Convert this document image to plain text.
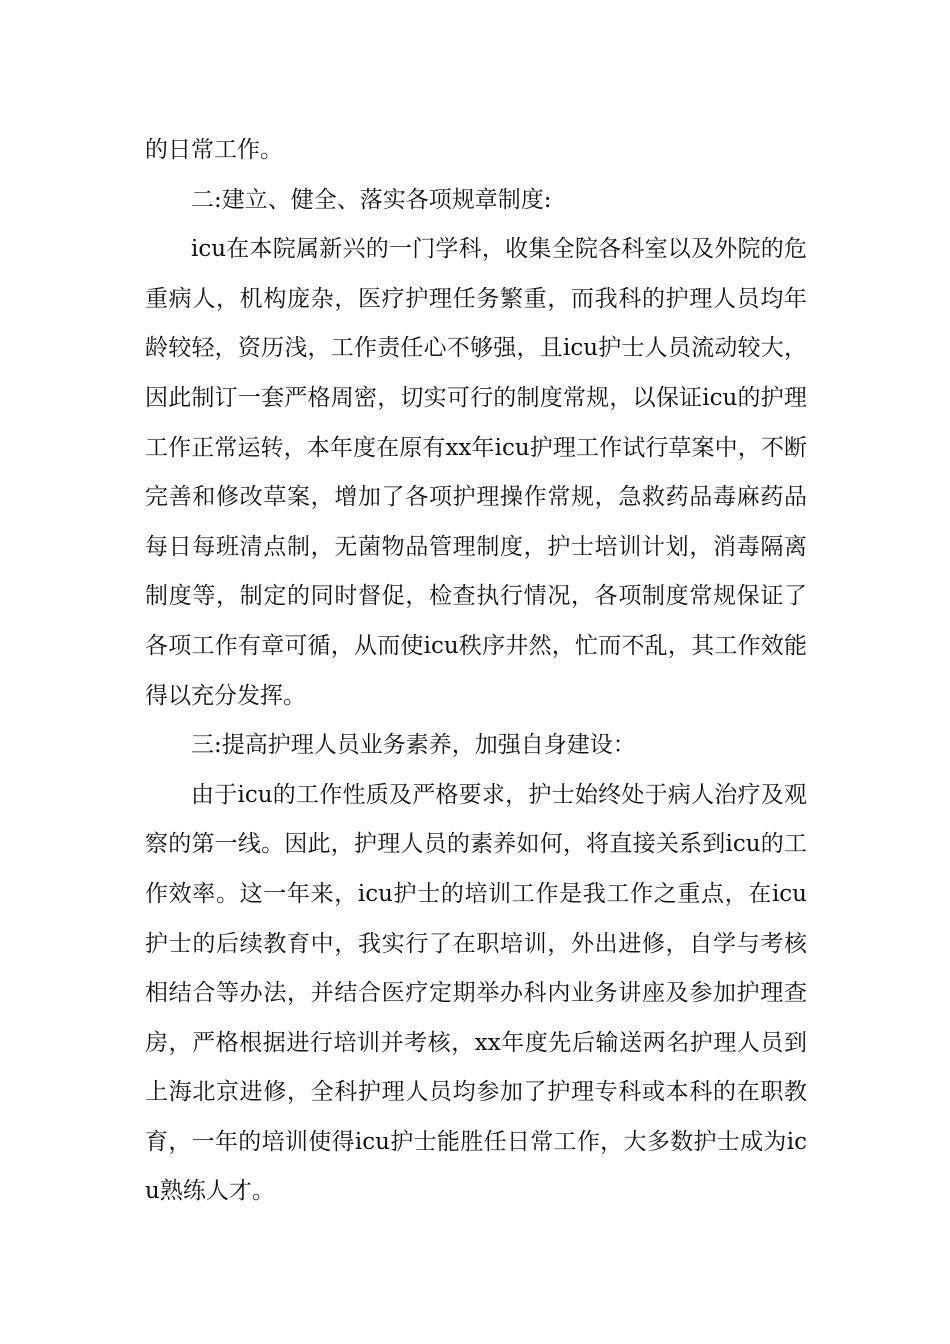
的日常工作。

二:建立、健全、落实各项规章制度:

icu在本院属新兴的一门学科，收集全院各科室以及外院的危重病人，机构庞杂，医疗护理任务繁重，而我科的护理人员均年龄较轻，资历浅，工作责任心不够强，且icu护士人员流动较大，因此制订一套严格周密，切实可行的制度常规，以保证icu的护理工作正常运转，本年度在原有xx年icu护理工作试行草案中，不断完善和修改草案，增加了各项护理操作常规，急救药品毒麻药品每日每班清点制，无菌物品管理制度，护士培训计划，消毒隔离制度等，制定的同时督促，检查执行情况，各项制度常规保证了各项工作有章可循，从而使icu秩序井然，忙而不乱，其工作效能得以充分发挥。

三:提高护理人员业务素养，加强自身建设：

由于icu的工作性质及严格要求，护士始终处于病人治疗及观察的第一线。因此，护理人员的素养如何，将直接关系到icu的工作效率。这一年来，icu护士的培训工作是我工作之重点，在icu护士的后续教育中，我实行了在职培训，外出进修，自学与考核相结合等办法，并结合医疗定期举办科内业务讲座及参加护理查房，严格根据进行培训并考核，xx年度先后输送两名护理人员到上海北京进修，全科护理人员均参加了护理专科或本科的在职教育，一年的培训使得icu护士能胜任日常工作，大多数护士成为icu熟练人才。
